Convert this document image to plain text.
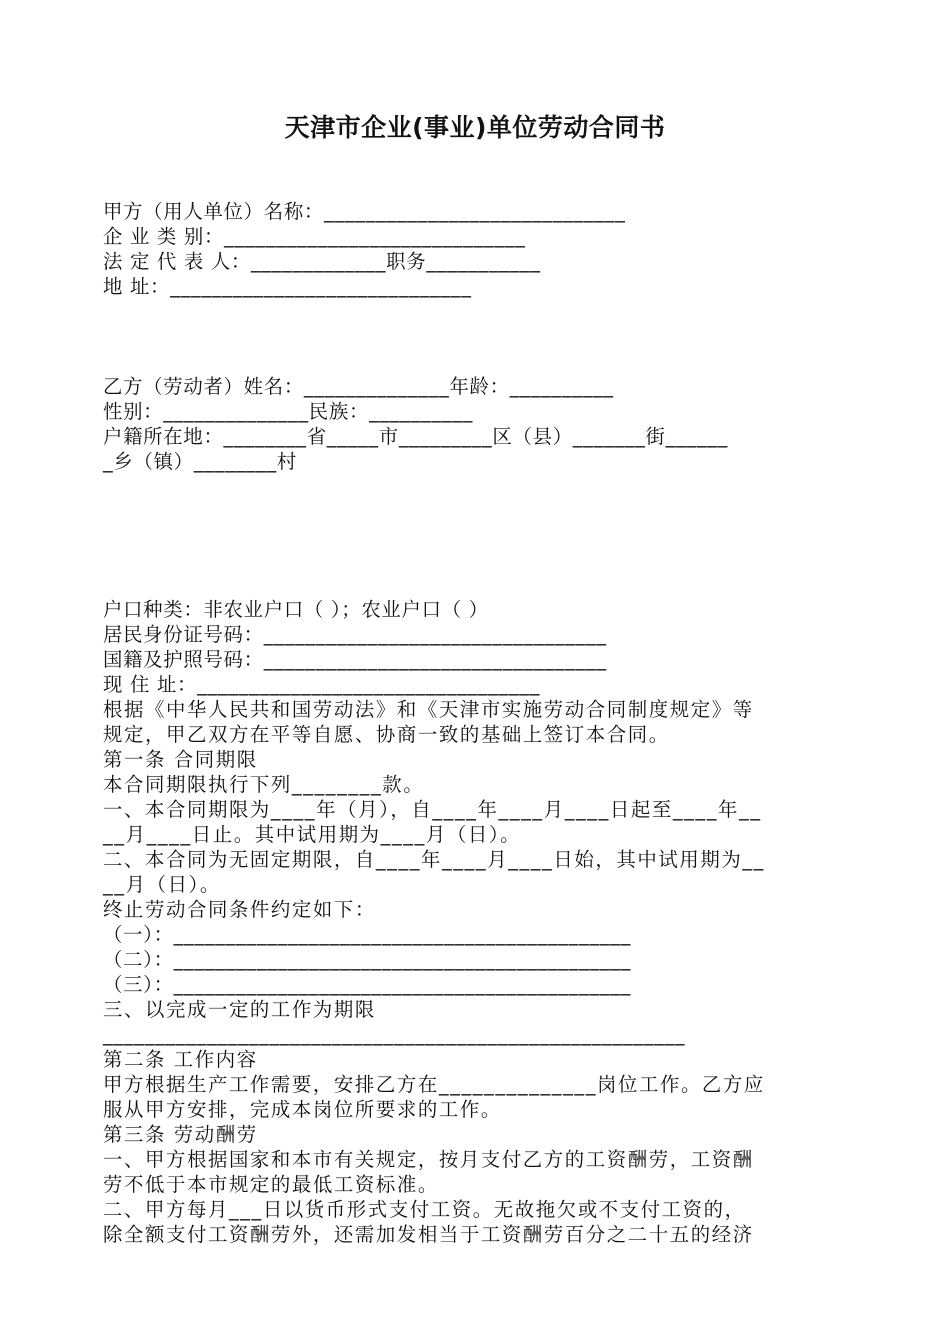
天津市企业(事业)单位劳动合同书
甲方（用人单位）名称：_____________________________
企 业 类 别：_____________________________
法 定 代 表 人：_____________职务___________
地 址：_____________________________
乙方（劳动者）姓名：______________年龄：__________
性别：______________民族：__________
户籍所在地：________省_____市_________区（县）_______街______
_乡（镇）________村
户口种类：非农业户口（ ）；农业户口（ ）
居民身份证号码：_________________________________
国籍及护照号码：_________________________________
现 住 址：_________________________________
根据《中华人民共和国劳动法》和《天津市实施劳动合同制度规定》等
规定，甲乙双方在平等自愿、协商一致的基础上签订本合同。
第一条 合同期限
本合同期限执行下列________款。
一、本合同期限为____年（月），自____年____月____日起至____年__
__月____日止。其中试用期为____月（日）。
二、本合同为无固定期限，自____年____月____日始，其中试用期为__
__月（日）。
终止劳动合同条件约定如下：
（一）：____________________________________________
（二）：____________________________________________
（三）：____________________________________________
三、以完成一定的工作为期限
________________________________________________________
第二条 工作内容
甲方根据生产工作需要，安排乙方在______________岗位工作。乙方应
服从甲方安排，完成本岗位所要求的工作。
第三条 劳动酬劳
一、甲方根据国家和本市有关规定，按月支付乙方的工资酬劳，工资酬
劳不低于本市规定的最低工资标准。
二、甲方每月___日以货币形式支付工资。无故拖欠或不支付工资的，
除全额支付工资酬劳外，还需加发相当于工资酬劳百分之二十五的经济
